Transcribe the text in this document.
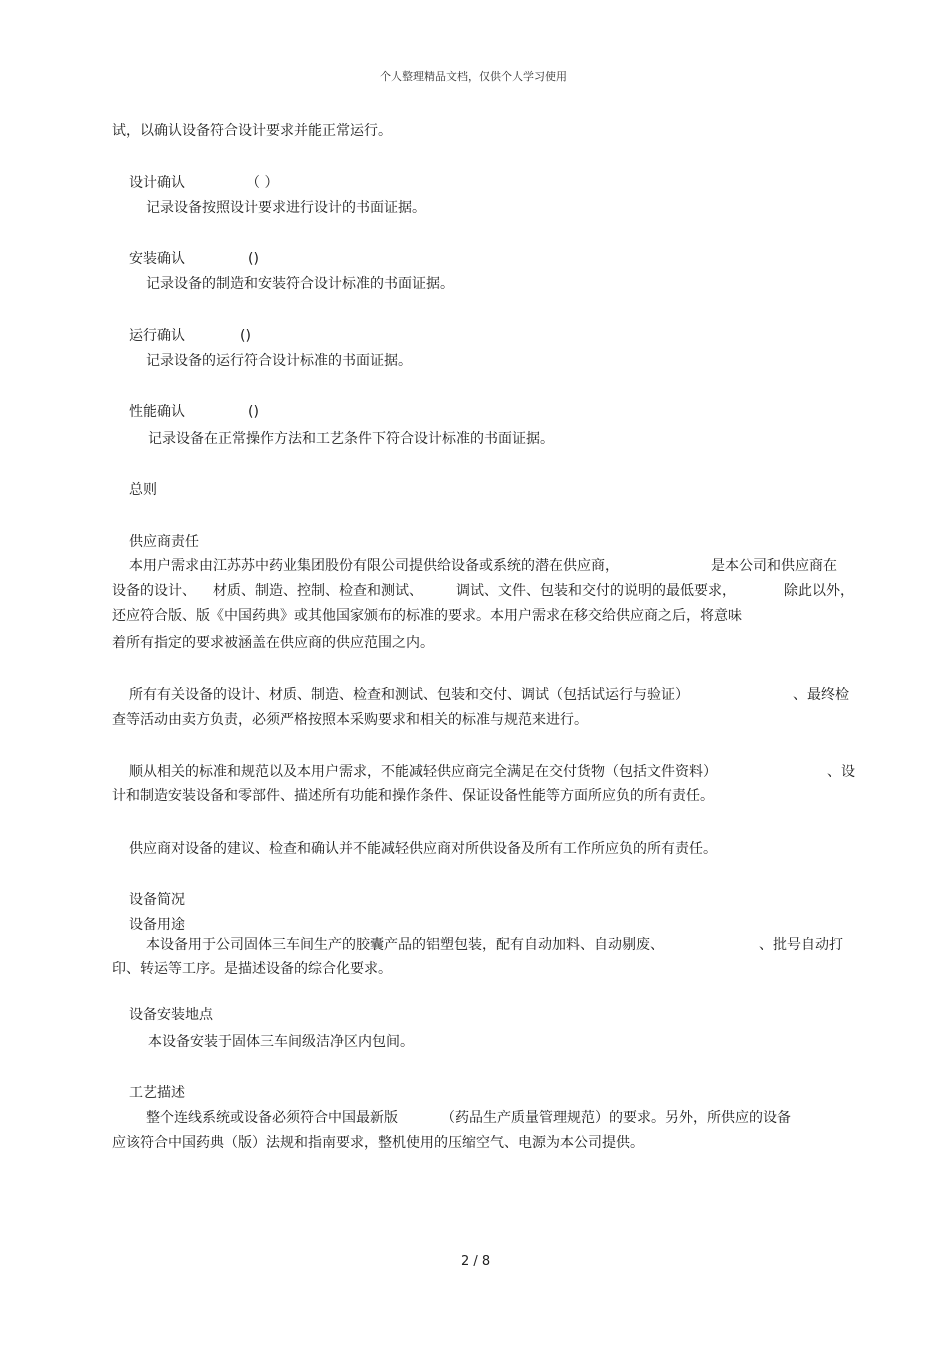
个人整理精品文档，仅供个人学习使用
试，以确认设备符合设计要求并能正常运行。
设计确认	（ ）
记录设备按照设计要求进行设计的书面证据。
安装确认	()
记录设备的制造和安装符合设计标准的书面证据。
运行确认	()
记录设备的运行符合设计标准的书面证据。
性能确认	()
记录设备在正常操作方法和工艺条件下符合设计标准的书面证据。
总则
供应商责任
本用户需求由江苏苏中药业集团股份有限公司提供给设备或系统的潜在供应商，	是本公司和供应商在
设备的设计、 材质、制造、控制、检查和测试、 调试、文件、包装和交付的说明的最低要求，	除此以外，
还应符合版、版《中国药典》或其他国家颁布的标准的要求。本用户需求在移交给供应商之后，将意味
着所有指定的要求被涵盖在供应商的供应范围之内。
所有有关设备的设计、材质、制造、检查和测试、包装和交付、调试（包括试运行与验证）	、最终检
查等活动由卖方负责，必须严格按照本采购要求和相关的标准与规范来进行。
顺从相关的标准和规范以及本用户需求，不能减轻供应商完全满足在交付货物（包括文件资料）	、设
计和制造安装设备和零部件、描述所有功能和操作条件、保证设备性能等方面所应负的所有责任。
供应商对设备的建议、检查和确认并不能减轻供应商对所供设备及所有工作所应负的所有责任。
设备简况
设备用途
本设备用于公司固体三车间生产的胶囊产品的铝塑包装，配有自动加料、自动剔废、	、批号自动打
印、转运等工序。是描述设备的综合化要求。
设备安装地点
本设备安装于固体三车间级洁净区内包间。
工艺描述
整个连线系统或设备必须符合中国最新版	（药品生产质量管理规范）的要求。另外，所供应的设备
应该符合中国药典（版）法规和指南要求，整机使用的压缩空气、电源为本公司提供。
2 / 8
